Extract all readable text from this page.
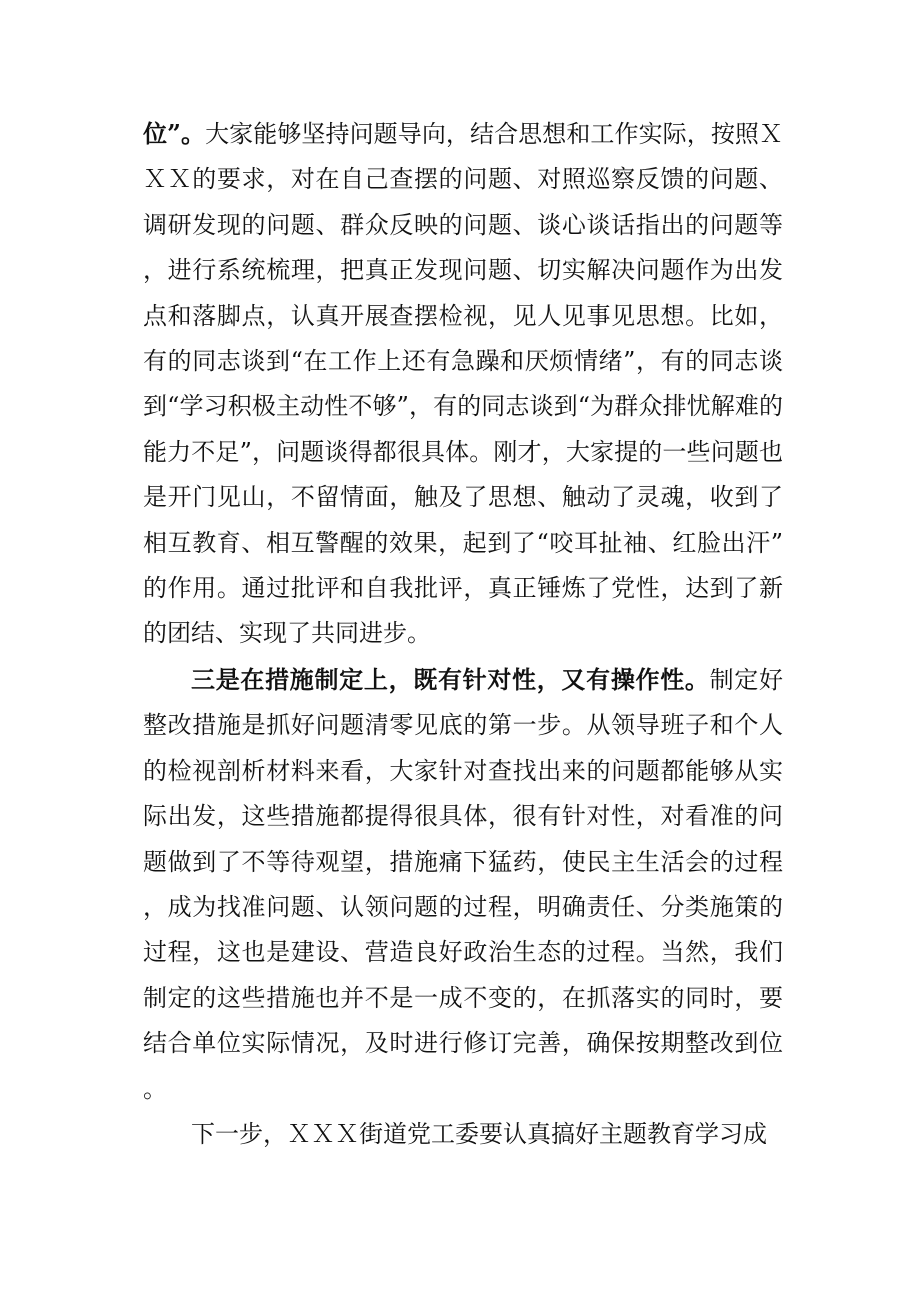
位”。大家能够坚持问题导向，结合思想和工作实际，按照ＸＸＸ的要求，对在自己查摆的问题、对照巡察反馈的问题、调研发现的问题、群众反映的问题、谈心谈话指出的问题等，进行系统梳理，把真正发现问题、切实解决问题作为出发点和落脚点，认真开展查摆检视，见人见事见思想。比如，有的同志谈到“在工作上还有急躁和厌烦情绪”，有的同志谈到“学习积极主动性不够”，有的同志谈到“为群众排忧解难的能力不足”，问题谈得都很具体。刚才，大家提的一些问题也是开门见山，不留情面，触及了思想、触动了灵魂，收到了相互教育、相互警醒的效果，起到了“咬耳扯袖、红脸出汗”的作用。通过批评和自我批评，真正锤炼了党性，达到了新的团结、实现了共同进步。

三是在措施制定上，既有针对性，又有操作性。制定好整改措施是抓好问题清零见底的第一步。从领导班子和个人的检视剖析材料来看，大家针对查找出来的问题都能够从实际出发，这些措施都提得很具体，很有针对性，对看准的问题做到了不等待观望，措施痛下猛药，使民主生活会的过程，成为找准问题、认领问题的过程，明确责任、分类施策的过程，这也是建设、营造良好政治生态的过程。当然，我们制定的这些措施也并不是一成不变的，在抓落实的同时，要结合单位实际情况，及时进行修订完善，确保按期整改到位。

下一步，ＸＸＸ街道党工委要认真搞好主题教育学习成
